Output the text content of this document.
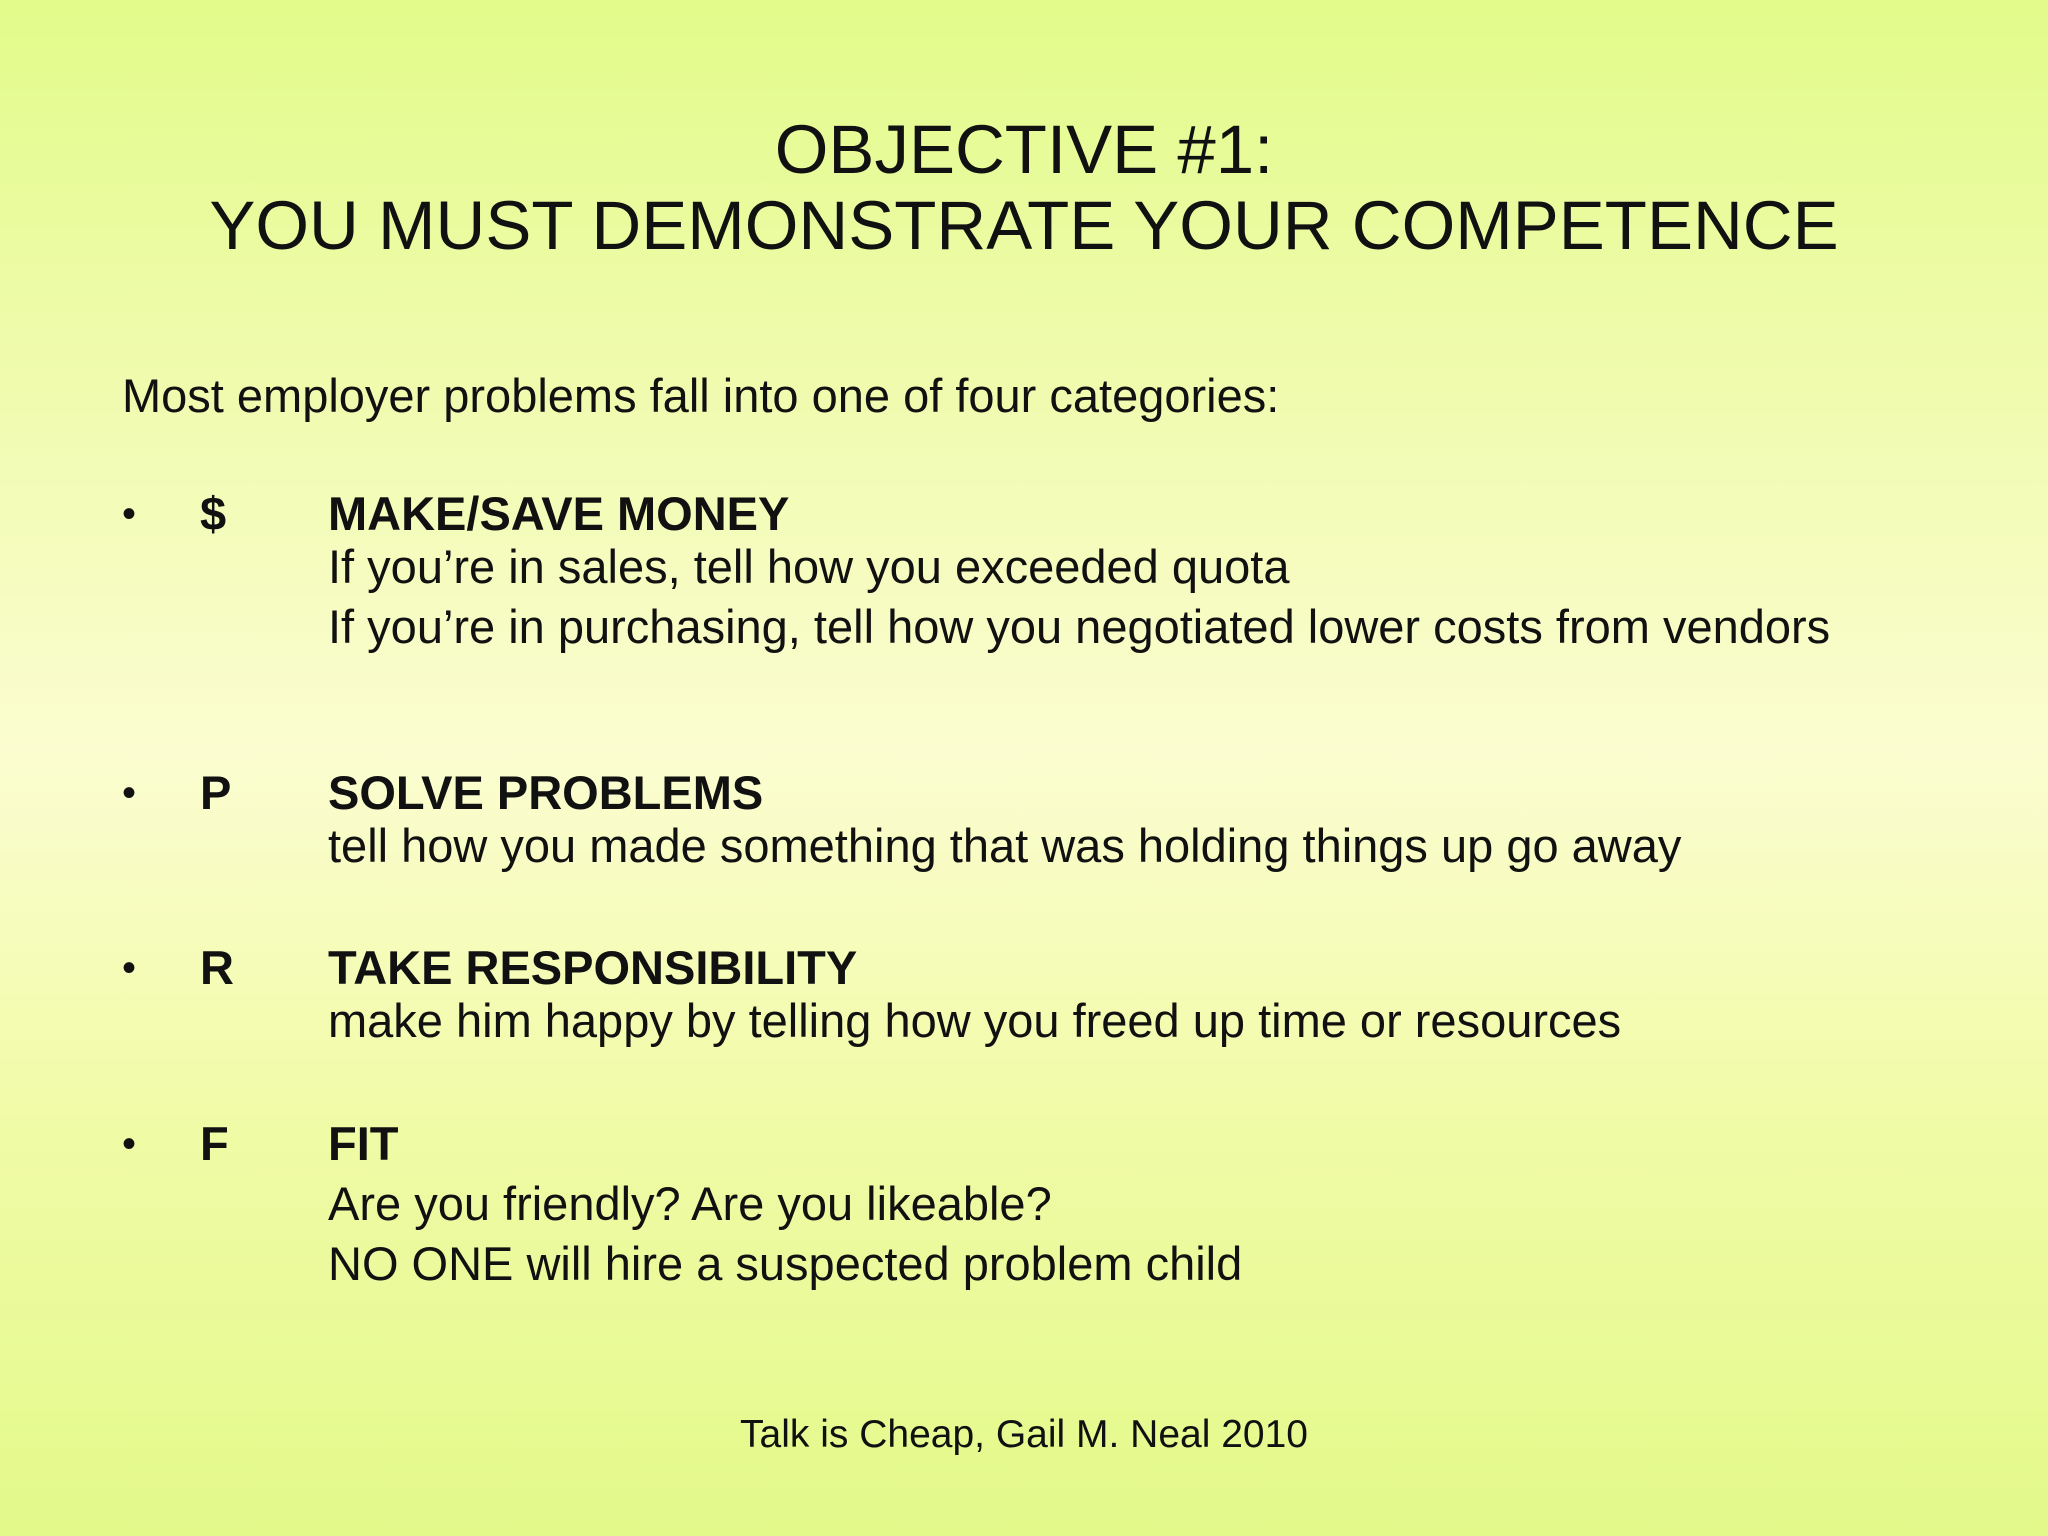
OBJECTIVE #1:
YOU MUST DEMONSTRATE YOUR COMPETENCE
Most employer problems fall into one of four categories:
• $ MAKE/SAVE MONEY
If you’re in sales, tell how you exceeded quota
If you’re in purchasing, tell how you negotiated lower costs from vendors
• P SOLVE PROBLEMS
tell how you made something that was holding things up go away
• R TAKE RESPONSIBILITY
make him happy by telling how you freed up time or resources
• F FIT
Are you friendly? Are you likeable?
NO ONE will hire a suspected problem child
Talk is Cheap, Gail M. Neal 2010
